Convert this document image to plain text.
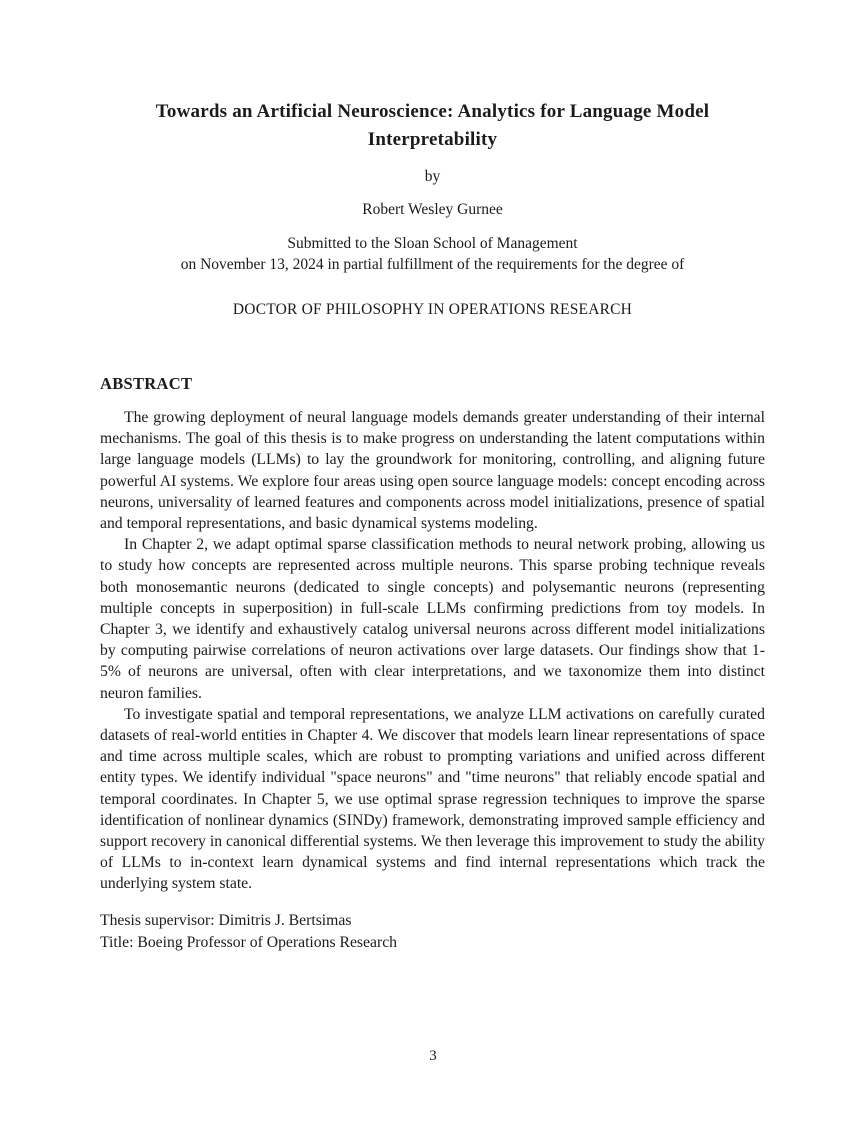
Towards an Artificial Neuroscience: Analytics for Language Model
Interpretability
by
Robert Wesley Gurnee
Submitted to the Sloan School of Management
on November 13, 2024 in partial fulfillment of the requirements for the degree of
DOCTOR OF PHILOSOPHY IN OPERATIONS RESEARCH
ABSTRACT

The growing deployment of neural language models demands greater understanding of their internal mechanisms. The goal of this thesis is to make progress on understanding the latent computations within large language models (LLMs) to lay the groundwork for monitoring, controlling, and aligning future powerful AI systems. We explore four areas using open source language models: concept encoding across neurons, universality of learned features and components across model initializations, presence of spatial and temporal representations, and basic dynamical systems modeling.

In Chapter 2, we adapt optimal sparse classification methods to neural network probing, allowing us to study how concepts are represented across multiple neurons. This sparse probing technique reveals both monosemantic neurons (dedicated to single concepts) and polysemantic neurons (representing multiple concepts in superposition) in full-scale LLMs confirming predictions from toy models. In Chapter 3, we identify and exhaustively catalog universal neurons across different model initializations by computing pairwise correlations of neuron activations over large datasets. Our findings show that 1-5% of neurons are universal, often with clear interpretations, and we taxonomize them into distinct neuron families.

To investigate spatial and temporal representations, we analyze LLM activations on carefully curated datasets of real-world entities in Chapter 4. We discover that models learn linear representations of space and time across multiple scales, which are robust to prompting variations and unified across different entity types. We identify individual "space neurons" and "time neurons" that reliably encode spatial and temporal coordinates. In Chapter 5, we use optimal sprase regression techniques to improve the sparse identification of nonlinear dynamics (SINDy) framework, demonstrating improved sample efficiency and support recovery in canonical differential systems. We then leverage this improvement to study the ability of LLMs to in-context learn dynamical systems and find internal representations which track the underlying system state.

Thesis supervisor: Dimitris J. Bertsimas
Title: Boeing Professor of Operations Research
3
